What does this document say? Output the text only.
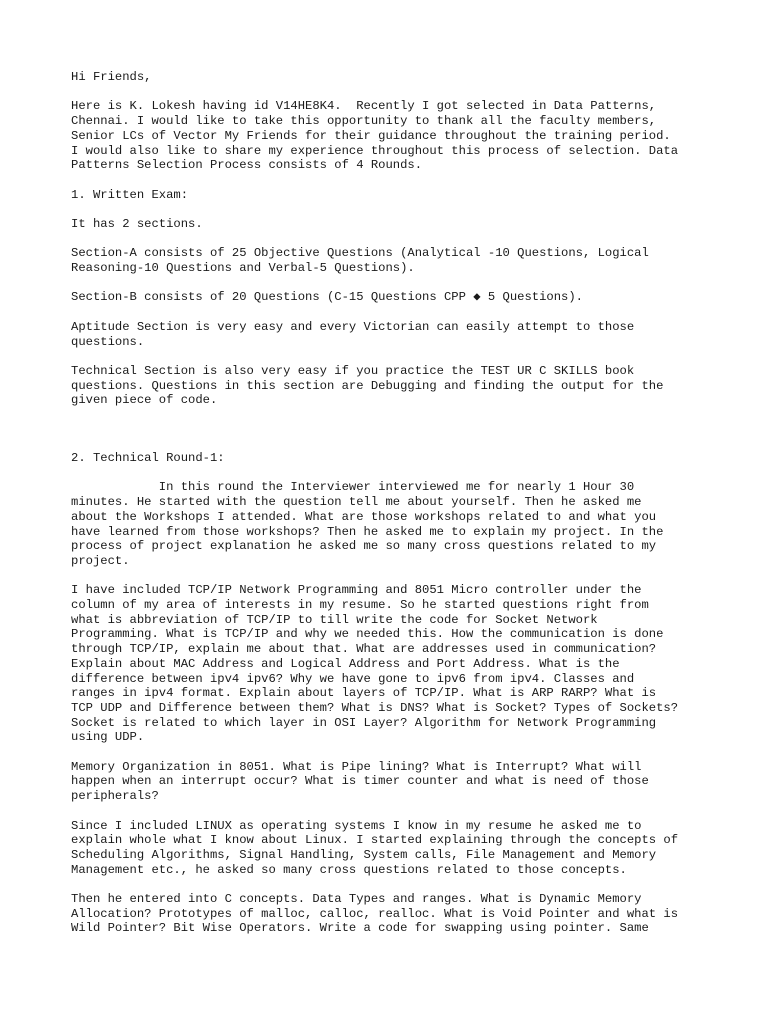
Hi Friends,

Here is K. Lokesh having id V14HE8K4.  Recently I got selected in Data Patterns,

Chennai. I would like to take this opportunity to thank all the faculty members,

Senior LCs of Vector My Friends for their guidance throughout the training period.

I would also like to share my experience throughout this process of selection. Data

Patterns Selection Process consists of 4 Rounds.

1. Written Exam:

It has 2 sections.

Section-A consists of 25 Objective Questions (Analytical -10 Questions, Logical

Reasoning-10 Questions and Verbal-5 Questions).

Section-B consists of 20 Questions (C-15 Questions CPP ◆ 5 Questions).

Aptitude Section is very easy and every Victorian can easily attempt to those

questions.

Technical Section is also very easy if you practice the TEST UR C SKILLS book

questions. Questions in this section are Debugging and finding the output for the

given piece of code.

2. Technical Round-1:

In this round the Interviewer interviewed me for nearly 1 Hour 30

minutes. He started with the question tell me about yourself. Then he asked me

about the Workshops I attended. What are those workshops related to and what you

have learned from those workshops? Then he asked me to explain my project. In the

process of project explanation he asked me so many cross questions related to my

project.

I have included TCP/IP Network Programming and 8051 Micro controller under the

column of my area of interests in my resume. So he started questions right from

what is abbreviation of TCP/IP to till write the code for Socket Network

Programming. What is TCP/IP and why we needed this. How the communication is done

through TCP/IP, explain me about that. What are addresses used in communication?

Explain about MAC Address and Logical Address and Port Address. What is the

difference between ipv4 ipv6? Why we have gone to ipv6 from ipv4. Classes and

ranges in ipv4 format. Explain about layers of TCP/IP. What is ARP RARP? What is

TCP UDP and Difference between them? What is DNS? What is Socket? Types of Sockets?

Socket is related to which layer in OSI Layer? Algorithm for Network Programming

using UDP.

Memory Organization in 8051. What is Pipe lining? What is Interrupt? What will

happen when an interrupt occur? What is timer counter and what is need of those

peripherals?

Since I included LINUX as operating systems I know in my resume he asked me to

explain whole what I know about Linux. I started explaining through the concepts of

Scheduling Algorithms, Signal Handling, System calls, File Management and Memory

Management etc., he asked so many cross questions related to those concepts.

Then he entered into C concepts. Data Types and ranges. What is Dynamic Memory

Allocation? Prototypes of malloc, calloc, realloc. What is Void Pointer and what is

Wild Pointer? Bit Wise Operators. Write a code for swapping using pointer. Same
